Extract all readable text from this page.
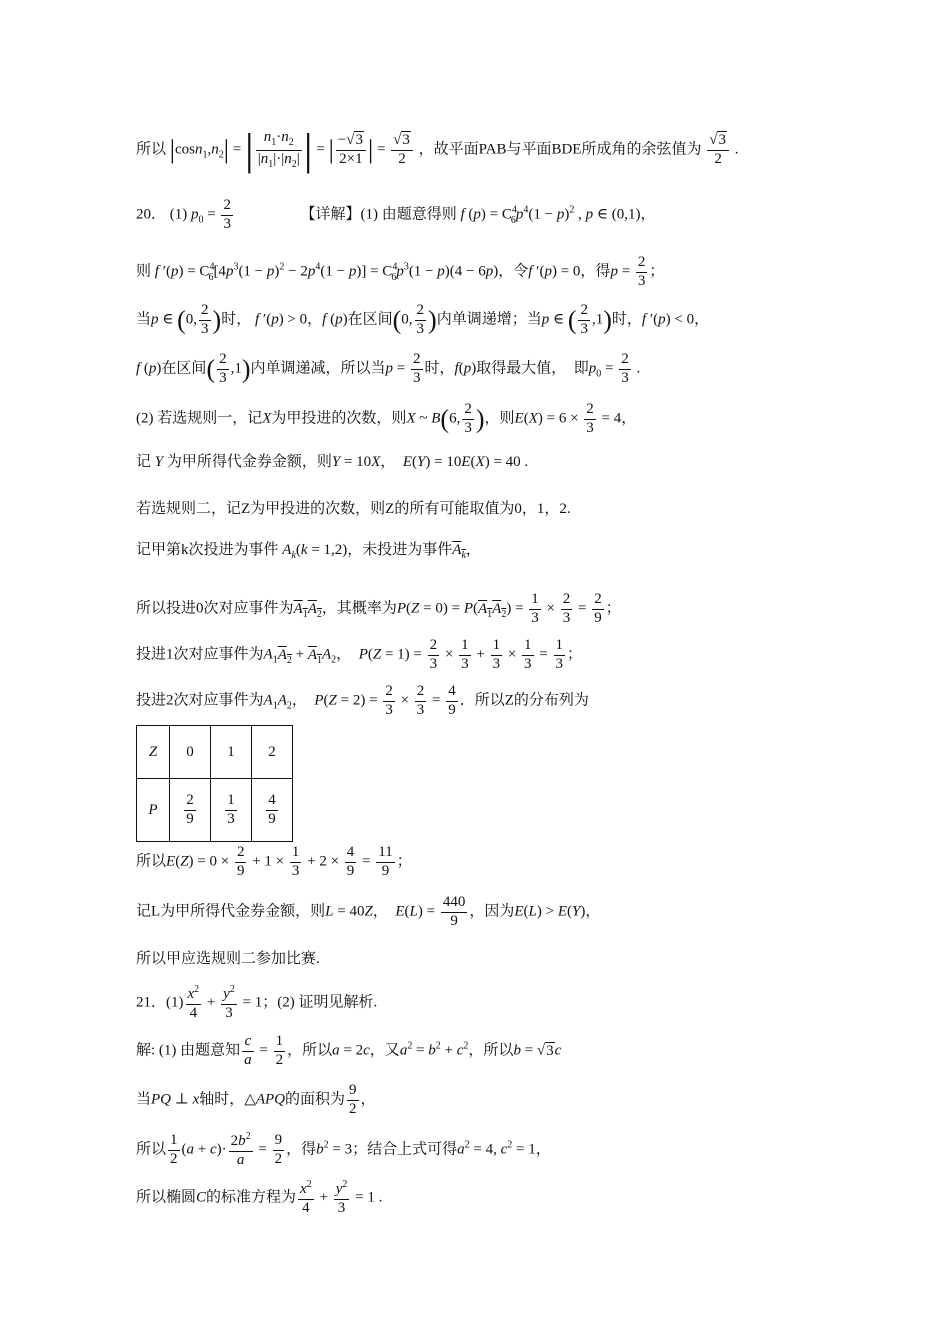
所以 $|\cos n_1,n_2|$ = | $\frac{n_1\cdot n_2}{|n_1|\cdot|n_2|}$ | = | $\frac{-√3}{2\times 1}$ | = $\frac{√3}{2}$ ，故平面PAB与平面BDE所成角的余弦值为 $\frac{√3}{2}$ .
20． (1) $p_0 = \frac{2}{3}$	【详解】(1) 由题意得则 f $(p) = C^4_6p^4(1 - p)^2$ , p ∈ (0,1)，
则 f $'(p) = C^4_6[4p^3(1 - p)^2 - 2p^4(1 - p)] = C^4_6p^3(1 - p)(4 - 6p)$，令f ′(p) = 0，得$p = \frac{2}{3}$ ；
当p ∈ (0, $\frac{2}{3}$ )时， f ′(p) > 0，f (p)在区间(0, $\frac{2}{3}$ )内单调递增；当p ∈ ( $\frac{2}{3} ,1$)时，f ′(p) < 0，
f (p)在区间( $\frac{2}{3} ,1$)内单调递减，所以当$p = \frac{2}{3}$ 时，f(p)取得最大值，　即$p_0 = \frac{2}{3}$ .
(2) 若选规则一，记X为甲投进的次数，则X ~ B(6, $\frac{2}{3}$ )，则$E(X) = 6 \times \frac{2}{3} = 4$，
记 Y 为甲所得代金券金额，则Y = 10X，　E(Y) = 10E(X) = 40 .
若选规则二，记Z为甲投进的次数，则Z的所有可能取值为0，1，2.
记甲第k次投进为事件 $A_k(k = 1,2)$，未投进为事件$A_k$，
所以投进0次对应事件为$A_1A_2$，其概率为$P(Z = 0) = P(A_1A_2) = \frac{1}{3} \times \frac{2}{3} = \frac{2}{9}$ ；
投进1次对应事件为$A_1A_2 + A_1A_2$，　$P(Z = 1) = \frac{2}{3} \times \frac{1}{3} + \frac{1}{3} \times \frac{1}{3} = \frac{1}{3}$ ；
投进2次对应事件为$A_1A_2$，　$P(Z = 2) = \frac{2}{3} \times \frac{2}{3} = \frac{4}{9}$ ．所以Z的分布列为
Z	0	1	2
P	$\frac{2}{9}$	$\frac{1}{3}$	$\frac{4}{9}$
所以$E(Z) = 0 \times \frac{2}{9} + 1 \times \frac{1}{3} + 2 \times \frac{4}{9} = \frac{11}{9}$ ；
记L为甲所得代金券金额，则L = 40Z，　$E(L) = \frac{440}{9}$ ，因为E(L) > E(Y)，
所以甲应选规则二参加比赛.
21．$(1) \frac{x^2}{4} + \frac{y^2}{3} = 1$；(2) 证明见解析.
解: (1) 由题意知 $\frac{c}{a} = \frac{1}{2}$ ，所以a = 2c，又$a^2 = b^2 + c^2$，所以b = √3c
当PQ ⊥ x轴时，△APQ的面积为 $\frac{9}{2}$ ，
所以 $\frac{1}{2} (a + c)\cdot \frac{2b^2}{a} = \frac{9}{2}$ ，得$b^2 = 3$；结合上式可得$a^2 = 4$, $c^2 = 1$，
所以椭圆C的标准方程为 $\frac{x^2}{4} + \frac{y^2}{3} = 1$ .
